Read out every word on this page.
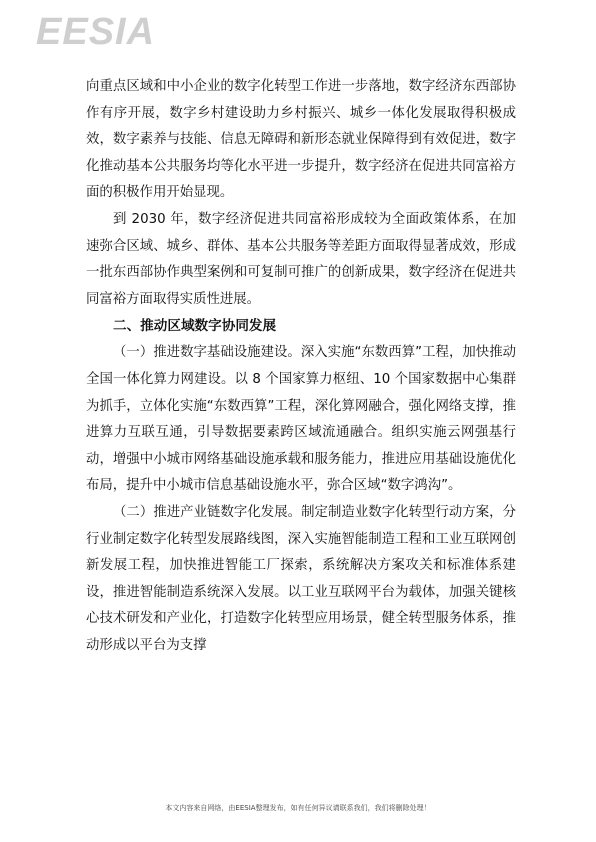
EESIA

向重点区域和中小企业的数字化转型工作进一步落地，数字经济东西部协作有序开展，数字乡村建设助力乡村振兴、城乡一体化发展取得积极成效，数字素养与技能、信息无障碍和新形态就业保障得到有效促进，数字化推动基本公共服务均等化水平进一步提升，数字经济在促进共同富裕方面的积极作用开始显现。

到 2030 年，数字经济促进共同富裕形成较为全面政策体系，在加速弥合区域、城乡、群体、基本公共服务等差距方面取得显著成效，形成一批东西部协作典型案例和可复制可推广的创新成果，数字经济在促进共同富裕方面取得实质性进展。

二、推动区域数字协同发展

（一）推进数字基础设施建设。深入实施“东数西算”工程，加快推动全国一体化算力网建设。以 8 个国家算力枢纽、10 个国家数据中心集群为抓手，立体化实施“东数西算”工程，深化算网融合，强化网络支撑，推进算力互联互通，引导数据要素跨区域流通融合。组织实施云网强基行动，增强中小城市网络基础设施承载和服务能力，推进应用基础设施优化布局，提升中小城市信息基础设施水平，弥合区域“数字鸿沟”。

（二）推进产业链数字化发展。制定制造业数字化转型行动方案，分行业制定数字化转型发展路线图，深入实施智能制造工程和工业互联网创新发展工程，加快推进智能工厂探索，系统解决方案攻关和标准体系建设，推进智能制造系统深入发展。以工业互联网平台为载体，加强关键核心技术研发和产业化，打造数字化转型应用场景，健全转型服务体系，推动形成以平台为支撑

本文内容来自网络，由EESIA整理发布，如有任何异议请联系我们，我们将删除处理！
